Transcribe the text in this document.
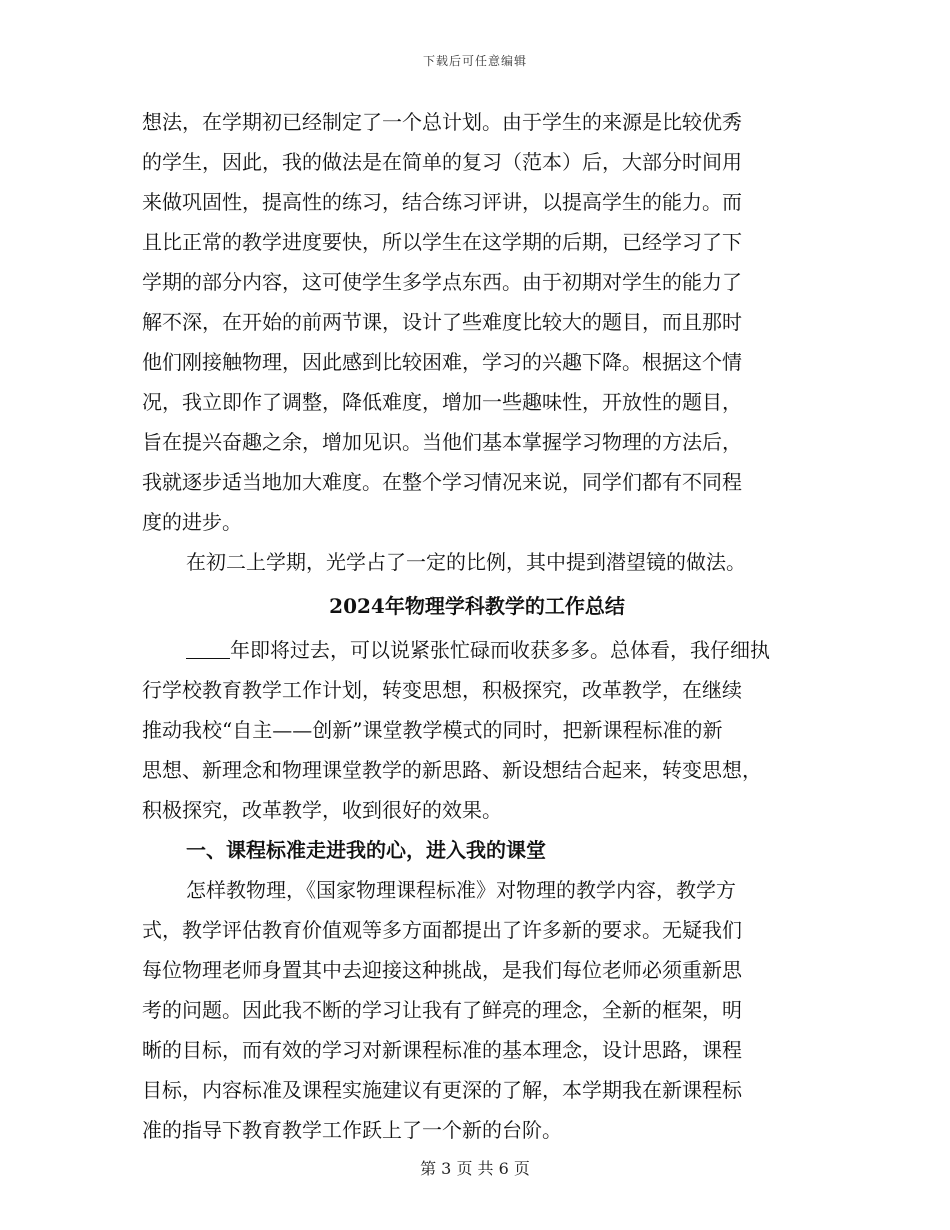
下载后可任意编辑
想法，在学期初已经制定了一个总计划。由于学生的来源是比较优秀
的学生，因此，我的做法是在简单的复习（范本）后，大部分时间用
来做巩固性，提高性的练习，结合练习评讲，以提高学生的能力。而
且比正常的教学进度要快，所以学生在这学期的后期，已经学习了下
学期的部分内容，这可使学生多学点东西。由于初期对学生的能力了
解不深，在开始的前两节课，设计了些难度比较大的题目，而且那时
他们刚接触物理，因此感到比较困难，学习的兴趣下降。根据这个情
况，我立即作了调整，降低难度，增加一些趣味性，开放性的题目，
旨在提兴奋趣之余，增加见识。当他们基本掌握学习物理的方法后，
我就逐步适当地加大难度。在整个学习情况来说，同学们都有不同程
度的进步。
在初二上学期，光学占了一定的比例，其中提到潜望镜的做法。
2024年物理学科教学的工作总结
年即将过去，可以说紧张忙碌而收获多多。总体看，我仔细执
行学校教育教学工作计划，转变思想，积极探究，改革教学，在继续
推动我校“自主——创新”课堂教学模式的同时，把新课程标准的新
思想、新理念和物理课堂教学的新思路、新设想结合起来，转变思想，
积极探究，改革教学，收到很好的效果。
一、课程标准走进我的心，进入我的课堂
怎样教物理，《国家物理课程标准》对物理的教学内容，教学方
式，教学评估教育价值观等多方面都提出了许多新的要求。无疑我们
每位物理老师身置其中去迎接这种挑战，是我们每位老师必须重新思
考的问题。因此我不断的学习让我有了鲜亮的理念，全新的框架，明
晰的目标，而有效的学习对新课程标准的基本理念，设计思路，课程
目标，内容标准及课程实施建议有更深的了解，本学期我在新课程标
准的指导下教育教学工作跃上了一个新的台阶。
第 3 页 共 6 页
